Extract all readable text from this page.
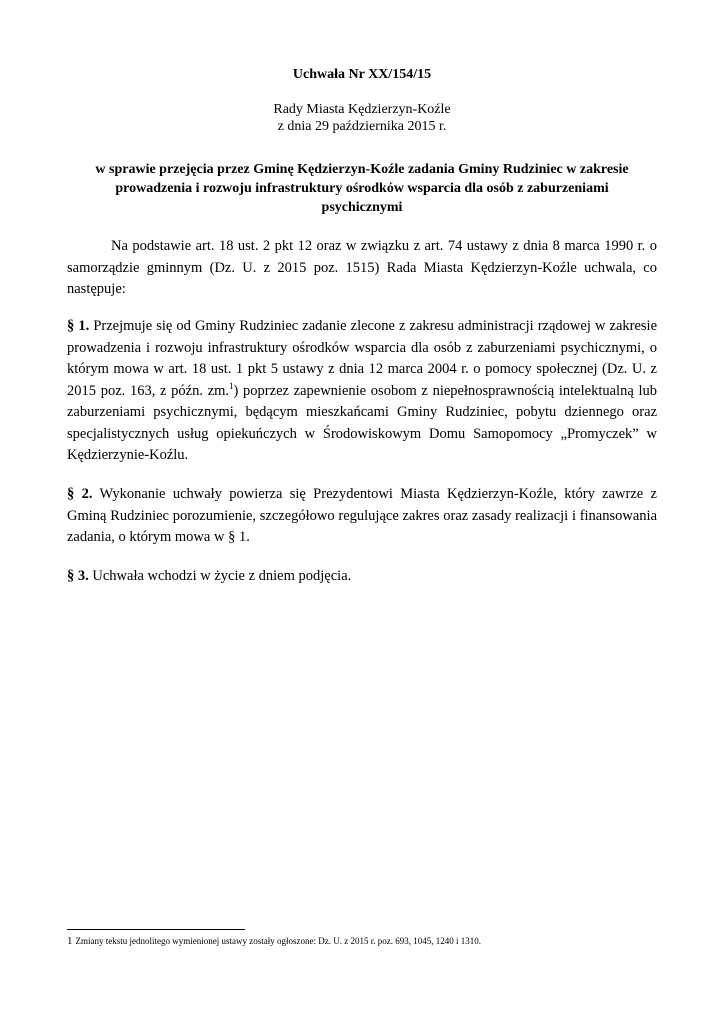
Uchwała Nr XX/154/15
Rady Miasta Kędzierzyn-Koźle
z dnia 29 października 2015 r.
w sprawie przejęcia przez Gminę Kędzierzyn-Koźle zadania Gminy Rudziniec w zakresie prowadzenia i rozwoju infrastruktury ośrodków wsparcia dla osób z zaburzeniami psychicznymi
Na podstawie art. 18 ust. 2 pkt 12 oraz w związku z art. 74 ustawy z dnia 8 marca 1990 r. o samorządzie gminnym (Dz. U. z 2015 poz. 1515) Rada Miasta Kędzierzyn-Koźle uchwala, co następuje:
§ 1. Przejmuje się od Gminy Rudziniec zadanie zlecone z zakresu administracji rządowej w zakresie prowadzenia i rozwoju infrastruktury ośrodków wsparcia dla osób z zaburzeniami psychicznymi, o którym mowa w art. 18 ust. 1 pkt 5 ustawy z dnia 12 marca 2004 r. o pomocy społecznej (Dz. U. z 2015 poz. 163, z późn. zm.$^1$) poprzez zapewnienie osobom z niepełnosprawnością intelektualną lub zaburzeniami psychicznymi, będącym mieszkańcami Gminy Rudziniec, pobytu dziennego oraz specjalistycznych usług opiekuńczych w Środowiskowym Domu Samopomocy „Promyczek” w Kędzierzynie-Koźlu.
§ 2. Wykonanie uchwały powierza się Prezydentowi Miasta Kędzierzyn-Koźle, który zawrze z Gminą Rudziniec porozumienie, szczegółowo regulujące zakres oraz zasady realizacji i finansowania zadania, o którym mowa w § 1.
§ 3. Uchwała wchodzi w życie z dniem podjęcia.
1 Zmiany tekstu jednolitego wymienionej ustawy zostały ogłoszone: Dz. U. z 2015 r. poz. 693, 1045, 1240 i 1310.
